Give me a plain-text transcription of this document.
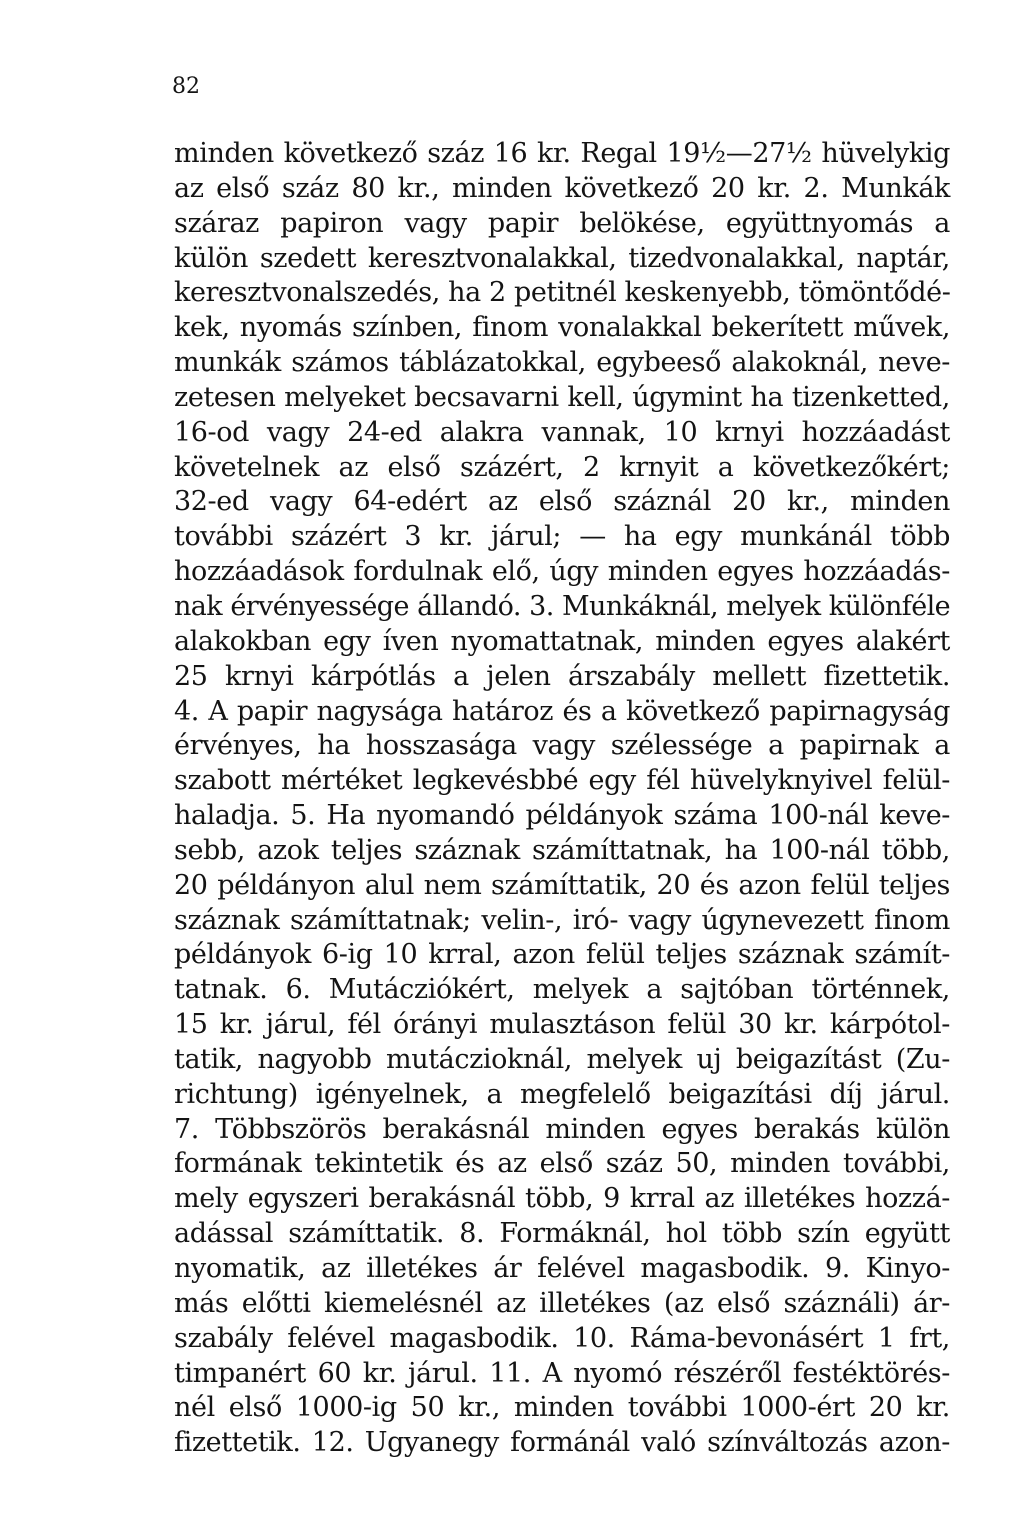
82

minden következő száz 16 kr. Regal 19½—27½ hüvelykig
az első száz 80 kr., minden következő 20 kr. 2. Munkák
száraz papiron vagy papir belökése, együttnyomás a
külön szedett keresztvonalakkal, tizedvonalakkal, naptár,
keresztvonalszedés, ha 2 petitnél keskenyebb, tömöntődé-
kek, nyomás színben, finom vonalakkal bekerített művek,
munkák számos táblázatokkal, egybeeső alakoknál, neve-
zetesen melyeket becsavarni kell, úgymint ha tizenketted,
16-od vagy 24-ed alakra vannak, 10 krnyi hozzáadást
követelnek az első százért, 2 krnyit a következőkért;
32-ed vagy 64-edért az első száznál 20 kr., minden
további százért 3 kr. járul; — ha egy munkánál több
hozzáadások fordulnak elő, úgy minden egyes hozzáadás-
nak érvényessége állandó. 3. Munkáknál, melyek különféle
alakokban egy íven nyomattatnak, minden egyes alakért
25 krnyi kárpótlás a jelen árszabály mellett fizettetik.
4. A papir nagysága határoz és a következő papirnagyság
érvényes, ha hosszasága vagy szélessége a papirnak a
szabott mértéket legkevésbbé egy fél hüvelyknyivel felül-
haladja. 5. Ha nyomandó példányok száma 100-nál keve-
sebb, azok teljes száznak számíttatnak, ha 100-nál több,
20 példányon alul nem számíttatik, 20 és azon felül teljes
száznak számíttatnak; velin-, iró- vagy úgynevezett finom
példányok 6-ig 10 krral, azon felül teljes száznak számít-
tatnak. 6. Mutácziókért, melyek a sajtóban történnek,
15 kr. járul, fél órányi mulasztáson felül 30 kr. kárpótol-
tatik, nagyobb mutáczioknál, melyek uj beigazítást (Zu-
richtung) igényelnek, a megfelelő beigazítási díj járul.
7. Többszörös berakásnál minden egyes berakás külön
formának tekintetik és az első száz 50, minden további,
mely egyszeri berakásnál több, 9 krral az illetékes hozzá-
adással számíttatik. 8. Formáknál, hol több szín együtt
nyomatik, az illetékes ár felével magasbodik. 9. Kinyo-
más előtti kiemelésnél az illetékes (az első száználi) ár-
szabály felével magasbodik. 10. Ráma-bevonásért 1 frt,
timpanért 60 kr. járul. 11. A nyomó részéről festéktörés-
nél első 1000-ig 50 kr., minden további 1000-ért 20 kr.
fizettetik. 12. Ugyanegy formánál való színváltozás azon-
